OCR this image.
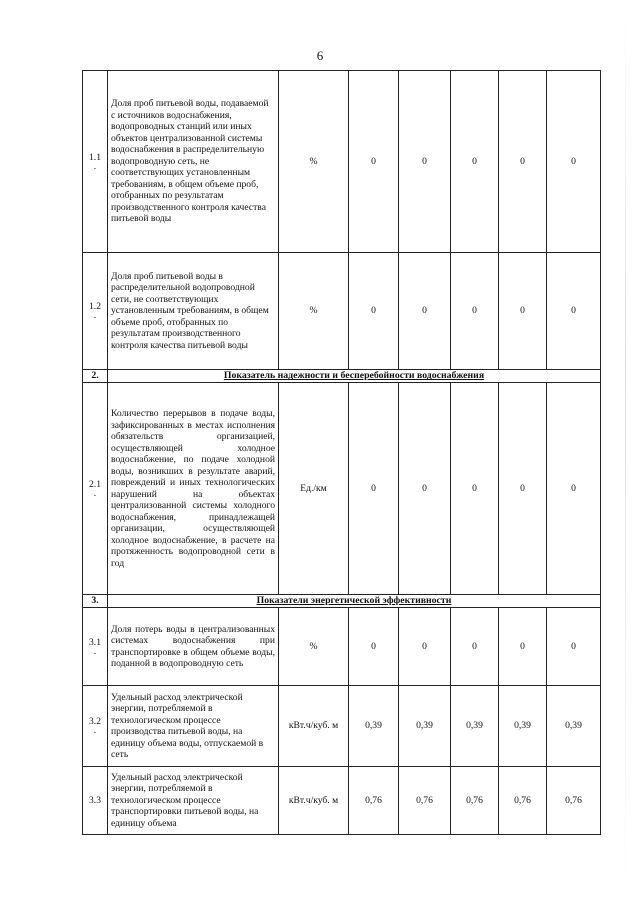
6
1.1
.	Доля проб питьевой воды, подаваемой с источников водоснабжения, водопроводных станций или иных объектов централизованной системы водоснабжения в распределительную водопроводную сеть, не соответствующих установленным требованиям, в общем объеме проб, отобранных по результатам производственного контроля качества питьевой воды	%	0	0	0	0	0

1.2
.	Доля проб питьевой воды в распределительной водопроводной сети, не соответствующих установленным требованиям, в общем объеме проб, отобранных по результатам производственного контроля качества питьевой воды	%	0	0	0	0	0
2.	Показатель надежности и бесперебойности водоснабжения						

2.1
.	Количество перерывов в подаче воды, зафиксированных в местах исполнения обязательств организацией, осуществляющей холодное водоснабжение, по подаче холодной воды, возникших в результате аварий, повреждений и иных технологических нарушений на объектах централизованной системы холодного водоснабжения, принадлежащей организации, осуществляющей холодное водоснабжение, в расчете на протяженность водопроводной сети в год	Ед./км	0	0	0	0	0
3.	Показатели энергетической эффективности						

3.1
.	Доля потерь воды в централизованных системах водоснабжения при транспортировке в общем объеме воды, поданной в водопроводную сеть	%	0	0	0	0	0

3.2
.	Удельный расход электрической энергии, потребляемой в технологическом процессе производства питьевой воды, на единицу объема воды, отпускаемой в сеть	кВт.ч/куб. м	0,39	0,39	0,39	0,39	0,39

3.3	Удельный расход электрической энергии, потребляемой в технологическом процессе транспортировки питьевой воды, на единицу объема	кВт.ч/куб. м	0,76	0,76	0,76	0,76	0,76
